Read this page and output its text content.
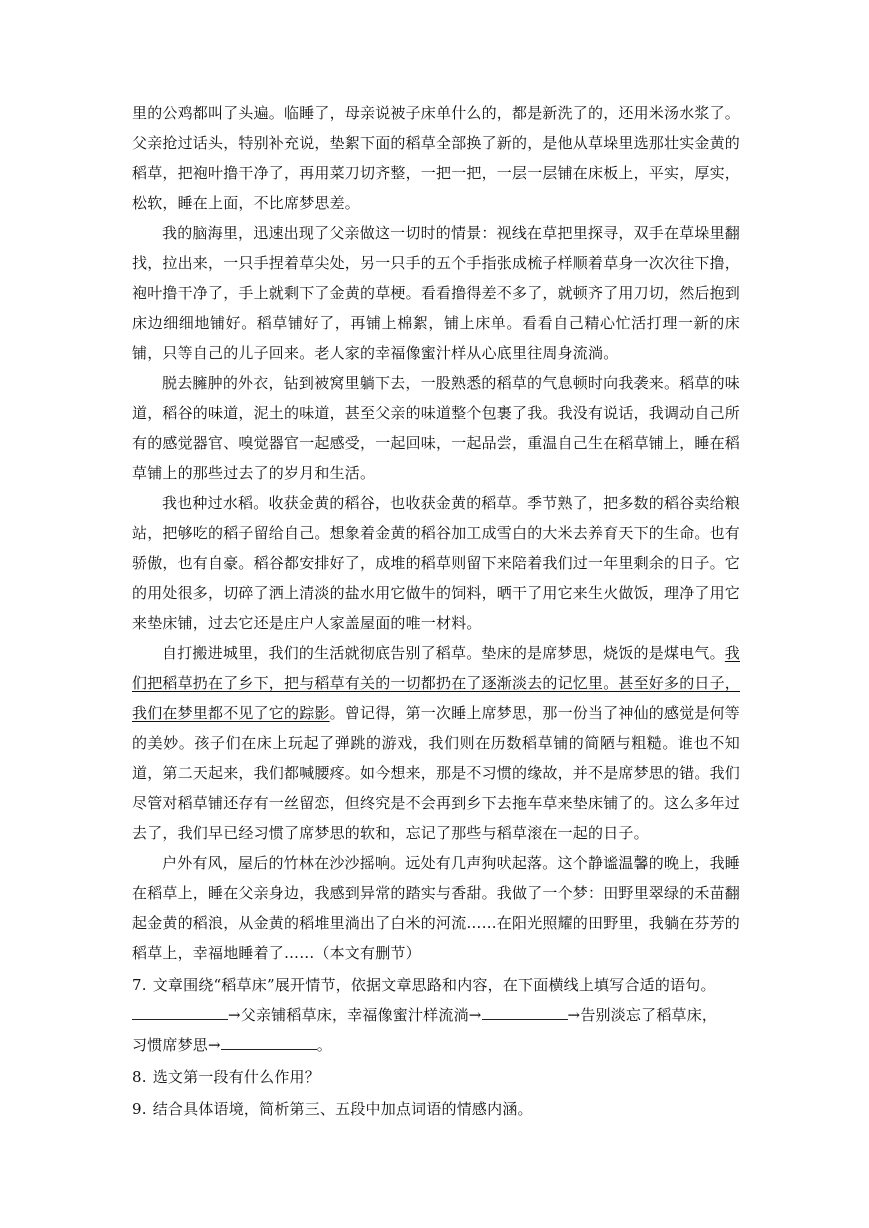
里的公鸡都叫了头遍。临睡了，母亲说被子床单什么的，都是新洗了的，还用米汤水浆了。父亲抢过话头，特别补充说，垫絮下面的稻草全部换了新的，是他从草垛里选那壮实金黄的稻草，把袍叶撸干净了，再用菜刀切齐整，一把一把，一层一层铺在床板上，平实，厚实，松软，睡在上面，不比席梦思差。

我的脑海里，迅速出现了父亲做这一切时的情景：视线在草把里探寻，双手在草垛里翻找，拉出来，一只手捏着草尖处，另一只手的五个手指张成梳子样顺着草身一次次往下撸，袍叶撸干净了，手上就剩下了金黄的草梗。看看撸得差不多了，就顿齐了用刀切，然后抱到床边细细地铺好。稻草铺好了，再铺上棉絮，铺上床单。看看自己精心忙活打理一新的床铺，只等自己的儿子回来。老人家的幸福像蜜汁样从心底里往周身流淌。

脱去臃肿的外衣，钻到被窝里躺下去，一股熟悉的稻草的气息顿时向我袭来。稻草的味道，稻谷的味道，泥土的味道，甚至父亲的味道整个包裹了我。我没有说话，我调动自己所有的感觉器官、嗅觉器官一起感受，一起回味，一起品尝，重温自己生在稻草铺上，睡在稻草铺上的那些过去了的岁月和生活。

我也种过水稻。收获金黄的稻谷，也收获金黄的稻草。季节熟了，把多数的稻谷卖给粮站，把够吃的稻子留给自己。想象着金黄的稻谷加工成雪白的大米去养育天下的生命。也有骄傲，也有自豪。稻谷都安排好了，成堆的稻草则留下来陪着我们过一年里剩余的日子。它的用处很多，切碎了洒上清淡的盐水用它做牛的饲料，晒干了用它来生火做饭，理净了用它来垫床铺，过去它还是庄户人家盖屋面的唯一材料。

自打搬进城里，我们的生活就彻底告别了稻草。垫床的是席梦思，烧饭的是煤电气。我们把稻草扔在了乡下，把与稻草有关的一切都扔在了逐渐淡去的记忆里。甚至好多的日子，我们在梦里都不见了它的踪影。曾记得，第一次睡上席梦思，那一份当了神仙的感觉是何等的美妙。孩子们在床上玩起了弹跳的游戏，我们则在历数稻草铺的简陋与粗糙。谁也不知道，第二天起来，我们都喊腰疼。如今想来，那是不习惯的缘故，并不是席梦思的错。我们尽管对稻草铺还存有一丝留恋，但终究是不会再到乡下去拖车草来垫床铺了的。这么多年过去了，我们早已经习惯了席梦思的软和，忘记了那些与稻草滚在一起的日子。

户外有风，屋后的竹林在沙沙摇响。远处有几声狗吠起落。这个静谧温馨的晚上，我睡在稻草上，睡在父亲身边，我感到异常的踏实与香甜。我做了一个梦：田野里翠绿的禾苗翻起金黄的稻浪，从金黄的稻堆里淌出了白米的河流……在阳光照耀的田野里，我躺在芬芳的稻草上，幸福地睡着了……（本文有删节）

7. 文章围绕“稻草床”展开情节，依据文章思路和内容，在下面横线上填写合适的语句。

→父亲铺稻草床，幸福像蜜汁样流淌→	→告别淡忘了稻草床，
习惯席梦思→	。

8. 选文第一段有什么作用？

9. 结合具体语境，简析第三、五段中加点词语的情感内涵。
